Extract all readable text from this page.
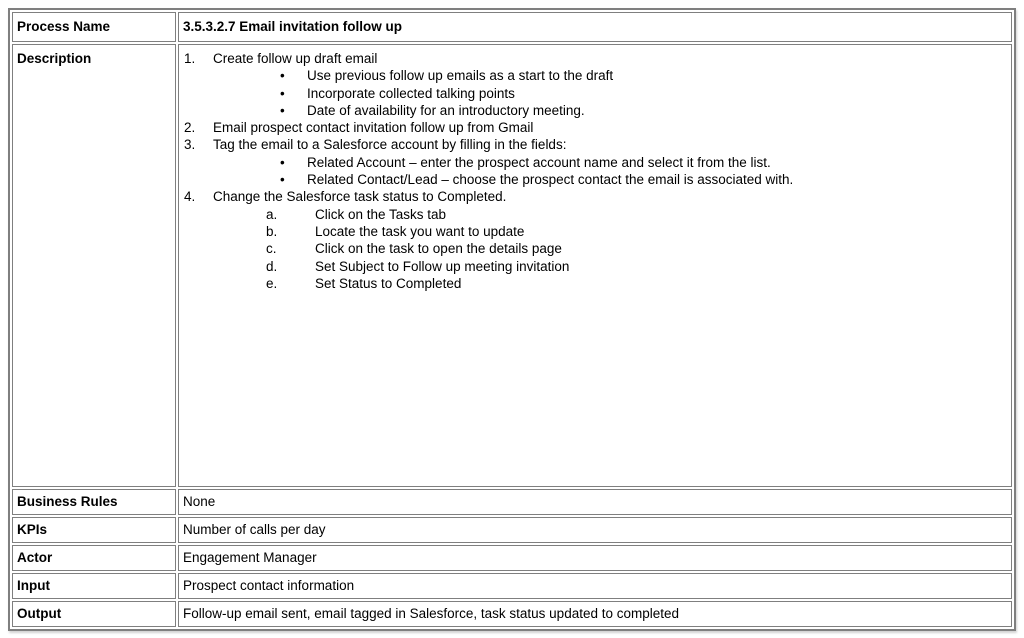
Process Name	3.5.3.2.7 Email invitation follow up
Description	1.	Create follow up draft email
•	Use previous follow up emails as a start to the draft
•	Incorporate collected talking points
•	Date of availability for an introductory meeting.
2.	Email prospect contact invitation follow up from Gmail
3.	Tag the email to a Salesforce account by filling in the fields:
•	Related Account – enter the prospect account name and select it from the list.
•	Related Contact/Lead – choose the prospect contact the email is associated with.
4.	Change the Salesforce task status to Completed.
a.	Click on the Tasks tab
b.	Locate the task you want to update
c.	Click on the task to open the details page
d.	Set Subject to Follow up meeting invitation
e.	Set Status to Completed

Business Rules	None
KPIs	Number of calls per day
Actor	Engagement Manager
Input	Prospect contact information
Output	Follow-up email sent, email tagged in Salesforce, task status updated to completed
